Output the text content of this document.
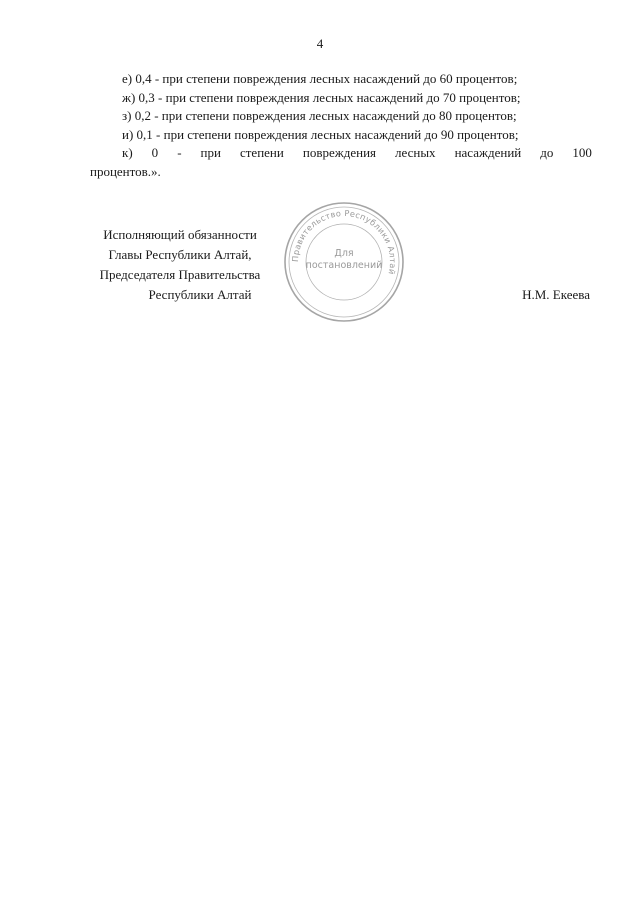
4
е) 0,4 - при степени повреждения лесных насаждений до 60 процентов;
ж) 0,3 - при степени повреждения лесных насаждений до 70 процентов;
з) 0,2 - при степени повреждения лесных насаждений до 80 процентов;
и) 0,1 - при степени повреждения лесных насаждений до 90 процентов;
к) 0 - при степени повреждения лесных насаждений до 100
процентов.».
Исполняющий обязанности
Главы Республики Алтай,
Председателя Правительства
Республики Алтай	Н.М. Екеева
Правительство Республики Алтай
Для
постановлений
